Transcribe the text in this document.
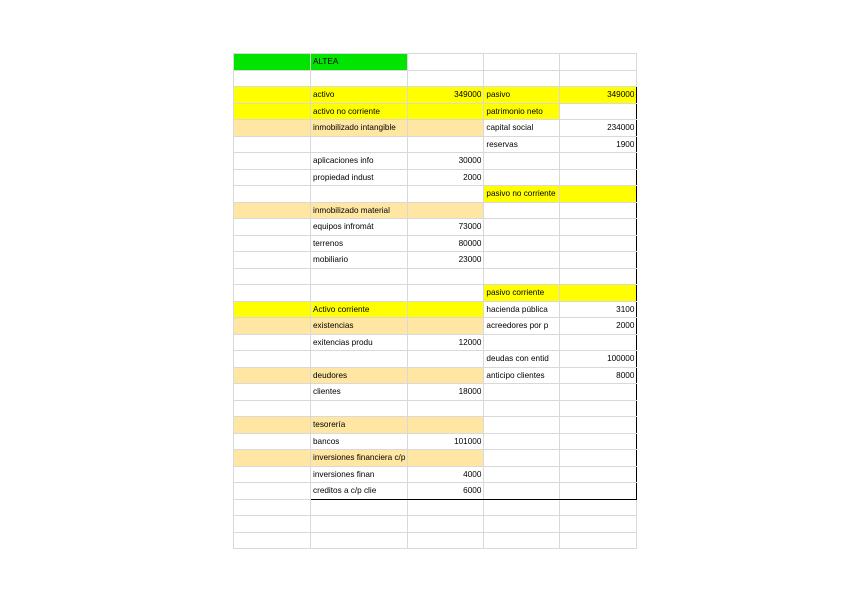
	ALTEA			

	activo	349000	pasivo	349000
	activo no corriente		patrimonio neto	
	inmobilizado intangible		capital social	234000
			reservas	1900
	aplicaciones info	30000		
	propiedad indust	2000		
			pasivo no corriente	
	inmobilizado material			
	equipos infromát	73000		
	terrenos	80000		
	mobiliario	23000		

			pasivo corriente	
	Activo corriente		hacienda pública	3100
	existencias		acreedores por p	2000
	exitencias produ	12000		
			deudas con entid	100000
	deudores		anticipo clientes	8000
	clientes	18000		

	tesorería			
	bancos	101000		
	inversiones financiera c/p			
	inversiones finan	4000		
	creditos a c/p clie	6000		
